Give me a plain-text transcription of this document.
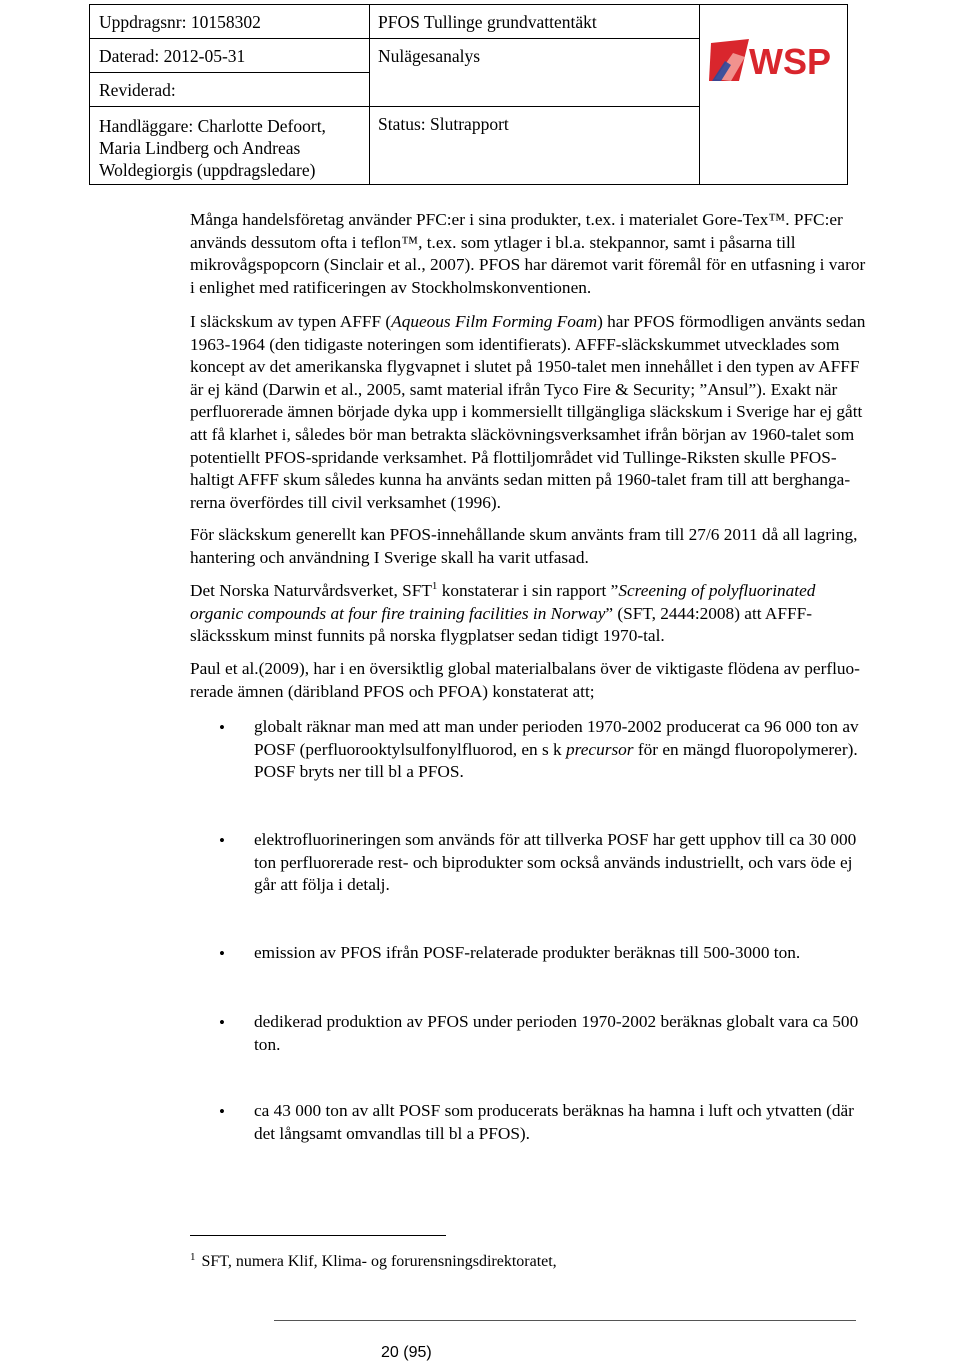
Uppdragsnr: 10158302
Daterad: 2012-05-31
Reviderad:
Handläggare: Charlotte Defoort,
Maria Lindberg och Andreas
Woldegiorgis (uppdragsledare)
PFOS Tullinge grundvattentäkt
Nulägesanalys
Status: Slutrapport
WSP
Många handelsföretag använder PFC:er i sina produkter, t.ex. i materialet Gore-Tex™. PFC:er
används dessutom ofta i teflon™, t.ex. som ytlager i bl.a. stekpannor, samt i påsarna till
mikrovågspopcorn (Sinclair et al., 2007). PFOS har däremot varit föremål för en utfasning i varor
i enlighet med ratificeringen av Stockholmskonventionen.
I släckskum av typen AFFF (Aqueous Film Forming Foam) har PFOS förmodligen använts sedan
1963-1964 (den tidigaste noteringen som identifierats). AFFF-släckskummet utvecklades som
koncept av det amerikanska flygvapnet i slutet på 1950-talet men innehållet i den typen av AFFF
är ej känd (Darwin et al., 2005, samt material ifrån Tyco Fire & Security; ”Ansul”). Exakt när
perfluorerade ämnen började dyka upp i kommersiellt tillgängliga släckskum i Sverige har ej gått
att få klarhet i, således bör man betrakta släckövningsverksamhet ifrån början av 1960-talet som
potentiellt PFOS-spridande verksamhet. På flottiljområdet vid Tullinge-Riksten skulle PFOS-
haltigt AFFF skum således kunna ha använts sedan mitten på 1960-talet fram till att berghanga-
rerna överfördes till civil verksamhet (1996).
För släckskum generellt kan PFOS-innehållande skum använts fram till 27/6 2011 då all lagring,
hantering och användning I Sverige skall ha varit utfasad.
Det Norska Naturvårdsverket, SFT$^1$ konstaterar i sin rapport ”Screening of polyfluorinated
organic compounds at four fire training facilities in Norway” (SFT, 2444:2008) att AFFF-
släcksskum minst funnits på norska flygplatser sedan tidigt 1970-tal.
Paul et al.(2009), har i en översiktlig global materialbalans över de viktigaste flödena av perfluo-
rerade ämnen (däribland PFOS och PFOA) konstaterat att;
• globalt räknar man med att man under perioden 1970-2002 producerat ca 96 000 ton av
POSF (perfluorooktylsulfonylfluorod, en s k precursor för en mängd fluoropolymerer).
POSF bryts ner till bl a PFOS.
• elektrofluorineringen som används för att tillverka POSF har gett upphov till ca 30 000
ton perfluorerade rest- och biprodukter som också används industriellt, och vars öde ej
går att följa i detalj.
• emission av PFOS ifrån POSF-relaterade produkter beräknas till 500-3000 ton.
• dedikerad produktion av PFOS under perioden 1970-2002 beräknas globalt vara ca 500
ton.
• ca 43 000 ton av allt POSF som producerats beräknas ha hamna i luft och ytvatten (där
det långsamt omvandlas till bl a PFOS).
$^1$ SFT, numera Klif, Klima- og forurensningsdirektoratet,
20 (95)
